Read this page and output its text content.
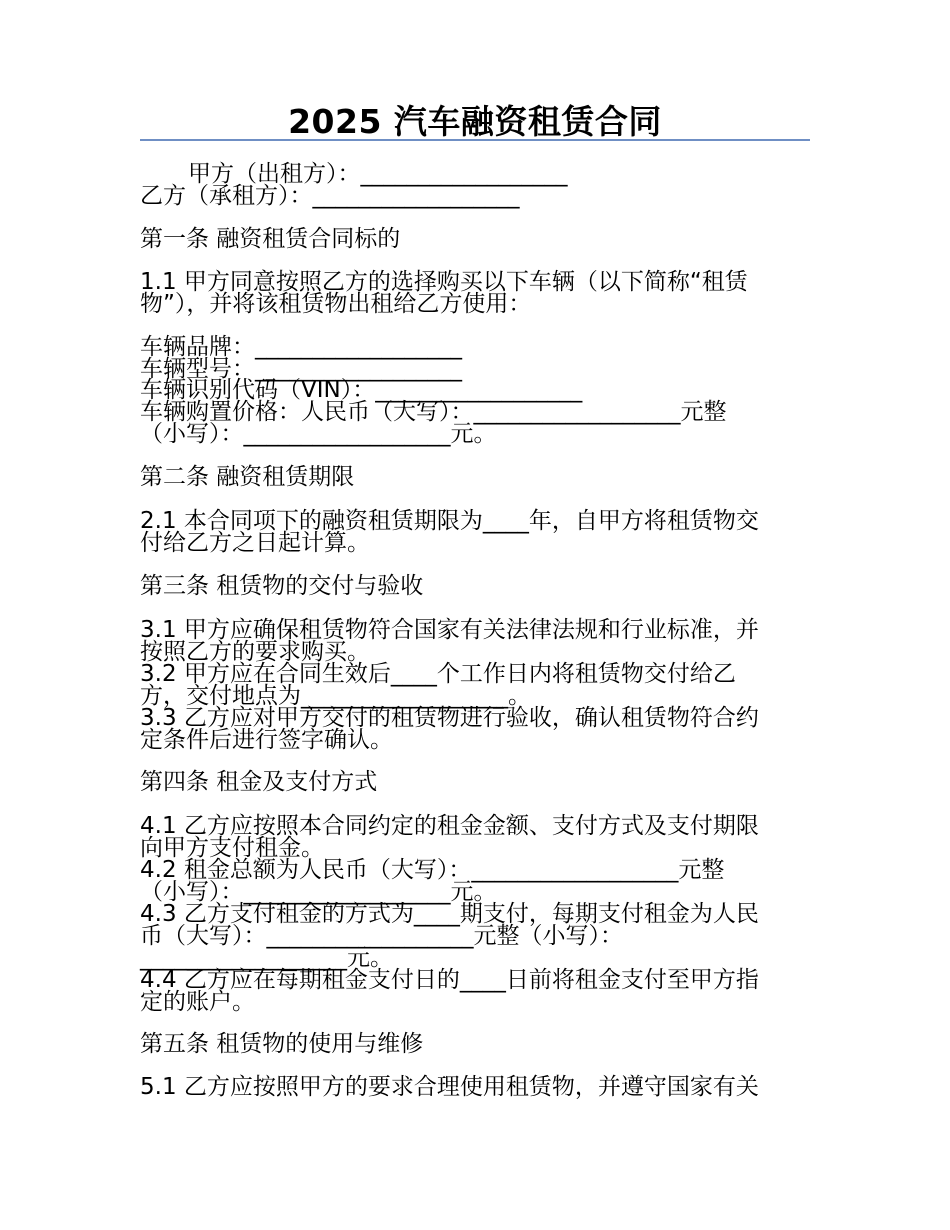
2025 汽车融资租赁合同
甲方（出租方）：__________________
乙方（承租方）：__________________
第一条 融资租赁合同标的
1.1 甲方同意按照乙方的选择购买以下车辆（以下简称“租赁
物”），并将该租赁物出租给乙方使用：
车辆品牌：__________________
车辆型号：__________________
车辆识别代码（VIN）：__________________
车辆购置价格：人民币（大写）：__________________元整
（小写）：__________________元。
第二条 融资租赁期限
2.1 本合同项下的融资租赁期限为____年，自甲方将租赁物交
付给乙方之日起计算。
第三条 租赁物的交付与验收
3.1 甲方应确保租赁物符合国家有关法律法规和行业标准，并
按照乙方的要求购买。
3.2 甲方应在合同生效后____个工作日内将租赁物交付给乙
方，交付地点为__________________。
3.3 乙方应对甲方交付的租赁物进行验收，确认租赁物符合约
定条件后进行签字确认。
第四条 租金及支付方式
4.1 乙方应按照本合同约定的租金金额、支付方式及支付期限
向甲方支付租金。
4.2 租金总额为人民币（大写）：__________________元整
（小写）：__________________元。
4.3 乙方支付租金的方式为____期支付，每期支付租金为人民
币（大写）：__________________元整（小写）：
__________________元。
4.4 乙方应在每期租金支付日的____日前将租金支付至甲方指
定的账户。
第五条 租赁物的使用与维修
5.1 乙方应按照甲方的要求合理使用租赁物，并遵守国家有关
